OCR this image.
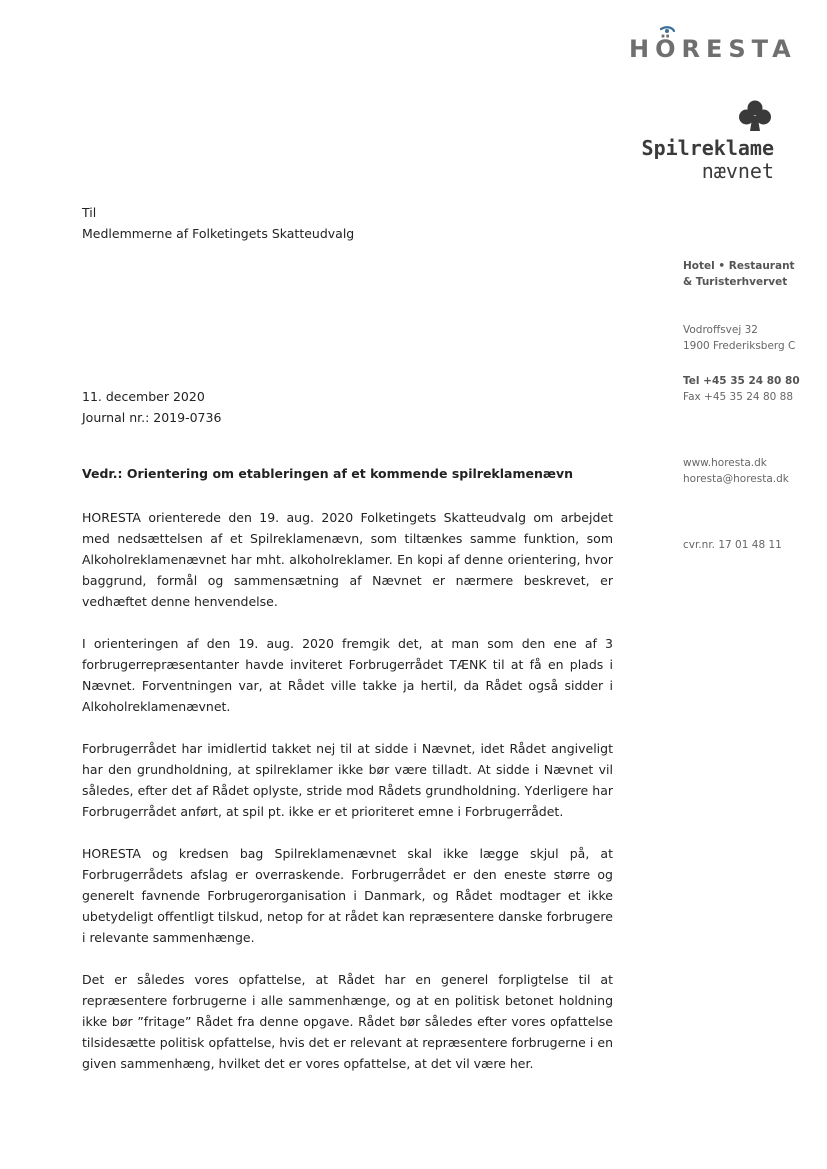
HÖRESTA
Spilreklame
nævnet
Hotel • Restaurant
& Turisterhvervet
Vodroffsvej 32
1900 Frederiksberg C
Tel +45 35 24 80 80
Fax +45 35 24 80 88
www.horesta.dk
horesta@horesta.dk
cvr.nr. 17 01 48 11
Til
Medlemmerne af Folketingets Skatteudvalg
11. december 2020
Journal nr.: 2019-0736
Vedr.: Orientering om etableringen af et kommende spilreklamenævn

HORESTA orienterede den 19. aug. 2020 Folketingets Skatteudvalg om arbejdet med nedsættelsen af et Spilreklamenævn, som tiltænkes samme funktion, som Alkoholreklamenævnet har mht. alkoholreklamer. En kopi af denne orientering, hvor baggrund, formål og sammensætning af Nævnet er nærmere beskrevet, er vedhæftet denne henvendelse.

I orienteringen af den 19. aug. 2020 fremgik det, at man som den ene af 3 forbrugerrepræsentanter havde inviteret Forbrugerrådet TÆNK til at få en plads i Nævnet. Forventningen var, at Rådet ville takke ja hertil, da Rådet også sidder i Alkoholreklamenævnet.

Forbrugerrådet har imidlertid takket nej til at sidde i Nævnet, idet Rådet angiveligt har den grundholdning, at spilreklamer ikke bør være tilladt. At sidde i Nævnet vil således, efter det af Rådet oplyste, stride mod Rådets grundholdning. Yderligere har Forbrugerrådet anført, at spil pt. ikke er et prioriteret emne i Forbrugerrådet.

HORESTA og kredsen bag Spilreklamenævnet skal ikke lægge skjul på, at Forbrugerrådets afslag er overraskende. Forbrugerrådet er den eneste større og generelt favnende Forbrugerorganisation i Danmark, og Rådet modtager et ikke ubetydeligt offentligt tilskud, netop for at rådet kan repræsentere danske forbrugere i relevante sammenhænge.

Det er således vores opfattelse, at Rådet har en generel forpligtelse til at repræsentere forbrugerne i alle sammenhænge, og at en politisk betonet holdning ikke bør ”fritage” Rådet fra denne opgave. Rådet bør således efter vores opfattelse tilsidesætte politisk opfattelse, hvis det er relevant at repræsentere forbrugerne i en given sammenhæng, hvilket det er vores opfattelse, at det vil være her.
